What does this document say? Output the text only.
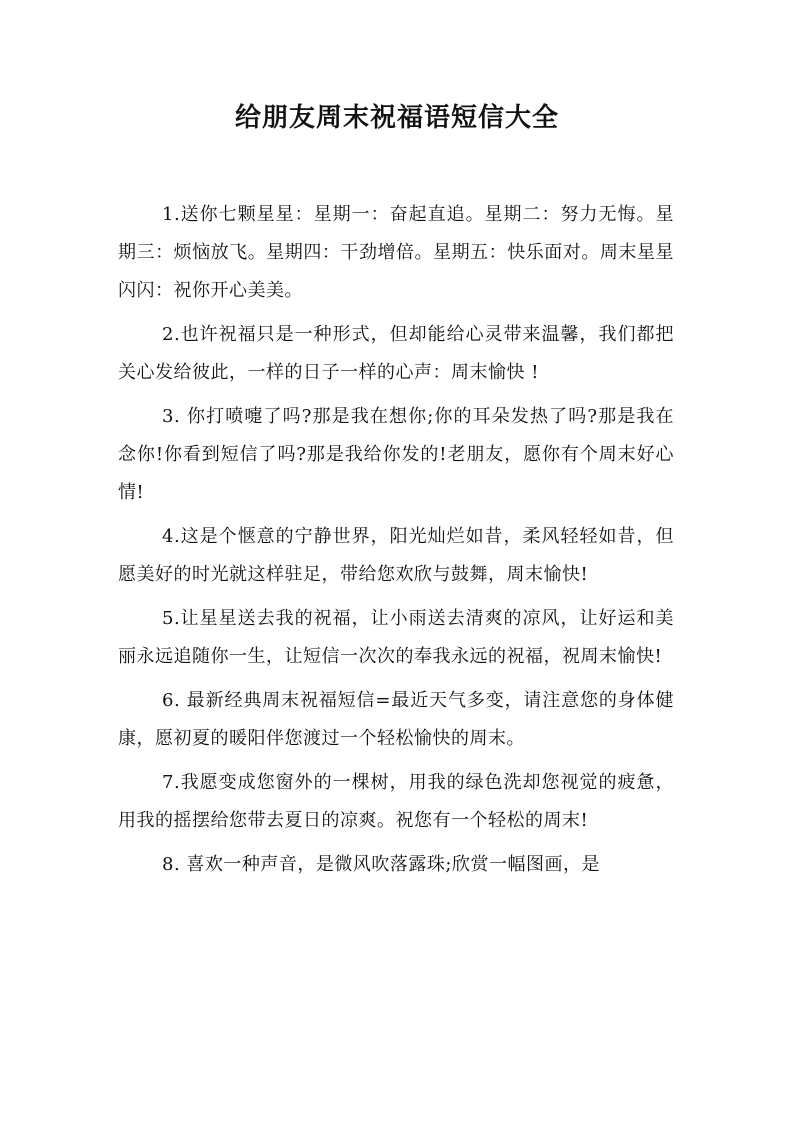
给朋友周末祝福语短信大全

1.送你七颗星星：星期一：奋起直追。星期二：努力无悔。星期三：烦恼放飞。星期四：干劲增倍。星期五：快乐面对。周末星星闪闪：祝你开心美美。

2.也许祝福只是一种形式，但却能给心灵带来温馨，我们都把关心发给彼此，一样的日子一样的心声：周末愉快 !

3. 你打喷嚏了吗?那是我在想你;你的耳朵发热了吗?那是我在念你!你看到短信了吗?那是我给你发的!老朋友，愿你有个周末好心情!

4.这是个惬意的宁静世界，阳光灿烂如昔，柔风轻轻如昔，但愿美好的时光就这样驻足，带给您欢欣与鼓舞，周末愉快!

5.让星星送去我的祝福，让小雨送去清爽的凉风，让好运和美丽永远追随你一生，让短信一次次的奉我永远的祝福，祝周末愉快!

6. 最新经典周末祝福短信=最近天气多变，请注意您的身体健康，愿初夏的暖阳伴您渡过一个轻松愉快的周末。

7.我愿变成您窗外的一棵树，用我的绿色洗却您视觉的疲惫，用我的摇摆给您带去夏日的凉爽。祝您有一个轻松的周末!

8. 喜欢一种声音，是微风吹落露珠;欣赏一幅图画，是
